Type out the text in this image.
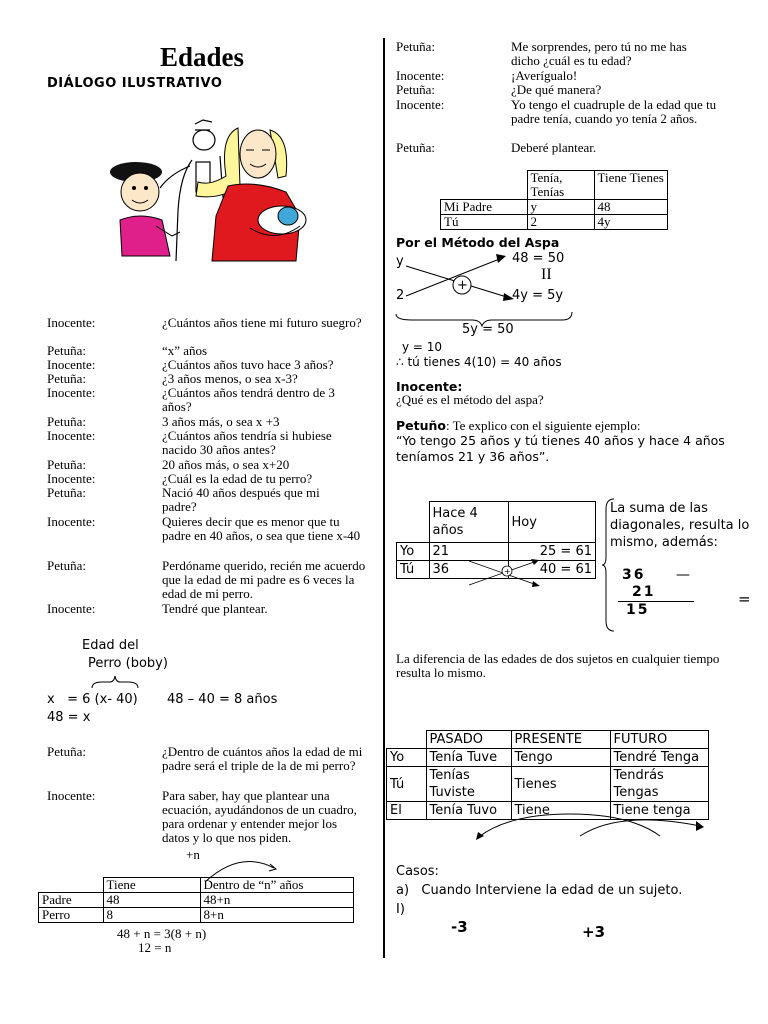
Edades
DIÁLOGO ILUSTRATIVO
Inocente:	¿Cuántos años tiene mi futuro suegro?
Petuña:	“x” años
Inocente:	¿Cuántos años tuvo hace 3 años?
Petuña:	¿3 años menos, o sea x-3?
Inocente:	¿Cuántos años tendrá dentro de 3 años?
Petuña:	3 años más, o sea x +3
Inocente:	¿Cuántos años tendría si hubiese nacido 30 años antes?
Petuña:	20 años más, o sea x+20
Inocente:	¿Cuál es la edad de tu perro?
Petuña:	Nació 40 años después que mi padre?
Inocente:	Quieres decir que es menor que tu padre en 40 años, o sea que tiene x-40
Petuña:	Perdóname querido, recién me acuerdo que la edad de mi padre es 6 veces la edad de mi perro.
Inocente:	Tendré que plantear.
Edad del
Perro (boby)
x   = 6 (x- 40) 48 – 40 = 8 años
48 = x
Petuña:	¿Dentro de cuántos años la edad de mi padre será el triple de la de mi perro?
Inocente:	Para saber, hay que plantear una ecuación, ayudándonos de un cuadro, para ordenar y entender mejor los datos y lo que nos piden.
+n
	Tiene	Dentro de “n” años
Padre	48	48+n
Perro	8	8+n
48 + n = 3(8 + n)
12 = n
Petuña:	Me sorprendes, pero tú no me has dicho ¿cuál es tu edad?
Inocente:	¡Averígualo!
Petuña:	¿De qué manera?
Inocente:	Yo tengo el cuadruple de la edad que tu padre tenía, cuando yo tenía 2 años.
Petuña:	Deberé plantear.
	Tenía, Tenías	Tiene Tienes
Mi Padre	y	48
Tú	2	4y
Por el Método del Aspa
y
2
+
48 = 50
II
4y = 5y
5y = 50
y = 10
∴ tú tienes 4(10) = 40 años
Inocente:
¿Qué es el método del aspa?
Petuño: Te explico con el siguiente ejemplo:
“Yo tengo 25 años y tú tienes 40 años y hace 4 años teníamos 21 y 36 años”.
	Hace 4 años	Hoy
Yo	21	25 = 61
Tú	36	40 = 61
+
La suma de las diagonales, resulta lo mismo, además:
36 —
21
15
=
La diferencia de las edades de dos sujetos en cualquier tiempo resulta lo mismo.
	PASADO	PRESENTE	FUTURO
Yo	Tenía Tuve	Tengo	Tendré Tenga
Tú	Tenías Tuviste	Tienes	Tendrás Tengas
El	Tenía Tuvo	Tiene	Tiene tenga
Casos:
a)   Cuando Interviene la edad de un sujeto.
I)
-3	+3
